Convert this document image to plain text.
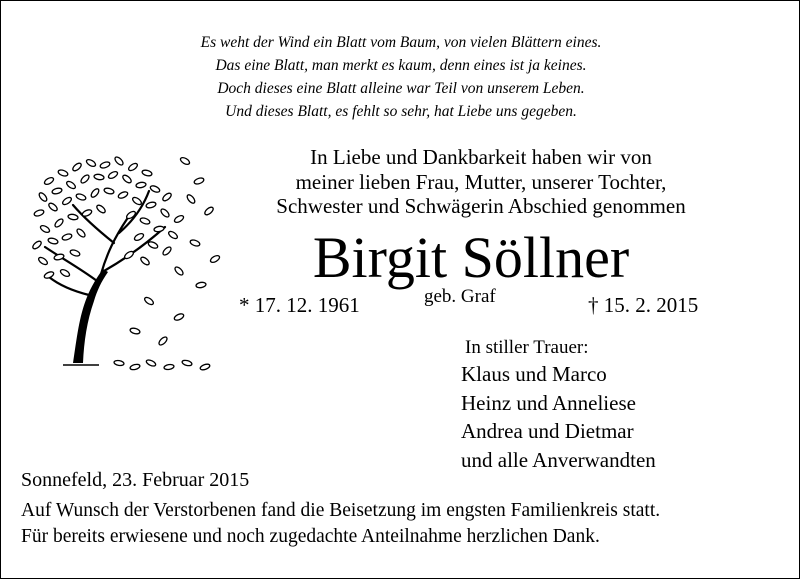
Es weht der Wind ein Blatt vom Baum, von vielen Blättern eines.
Das eine Blatt, man merkt es kaum, denn eines ist ja keines.
Doch dieses eine Blatt alleine war Teil von unserem Leben.
Und dieses Blatt, es fehlt so sehr, hat Liebe uns gegeben.
In Liebe und Dankbarkeit haben wir von
meiner lieben Frau, Mutter, unserer Tochter,
Schwester und Schwägerin Abschied genommen
Birgit Söllner
* 17. 12. 1961	geb. Graf	† 15. 2. 2015
In stiller Trauer:
Klaus und Marco
Heinz und Anneliese
Andrea und Dietmar
und alle Anverwandten
Sonnefeld, 23. Februar 2015
Auf Wunsch der Verstorbenen fand die Beisetzung im engsten Familienkreis statt.
Für bereits erwiesene und noch zugedachte Anteilnahme herzlichen Dank.
